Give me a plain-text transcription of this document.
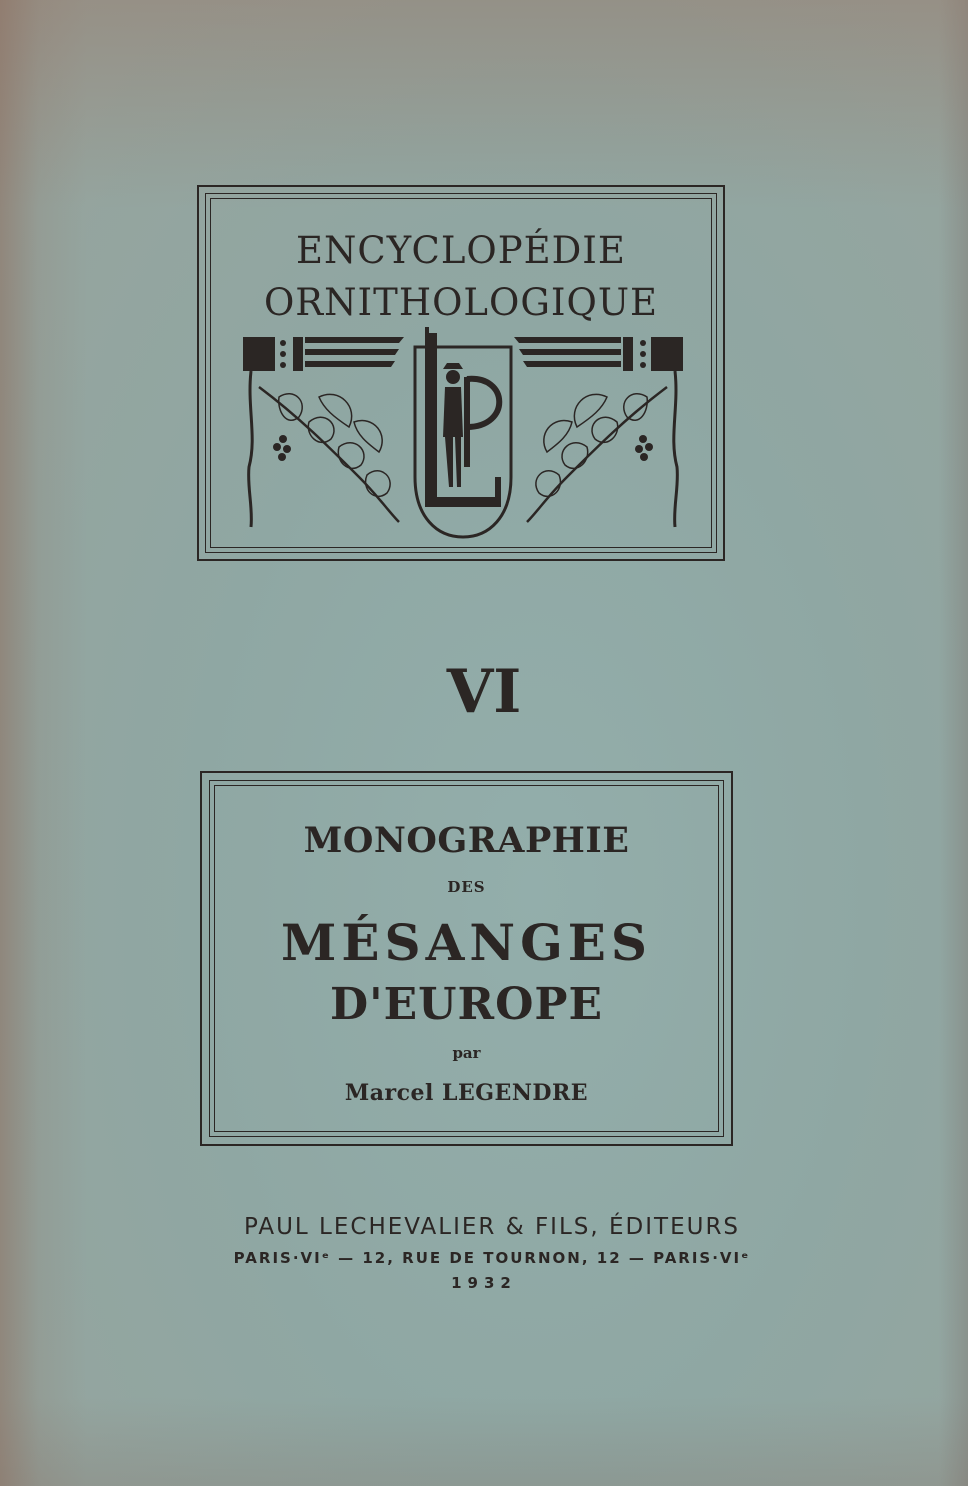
ENCYCLOPÉDIE

ORNITHOLOGIQUE

VI

MONOGRAPHIE

DES

MÉSANGES

D'EUROPE

par

Marcel LEGENDRE

PAUL LECHEVALIER & FILS, ÉDITEURS

PARIS·VIᵉ — 12, RUE DE TOURNON, 12 — PARIS·VIᵉ

1932
